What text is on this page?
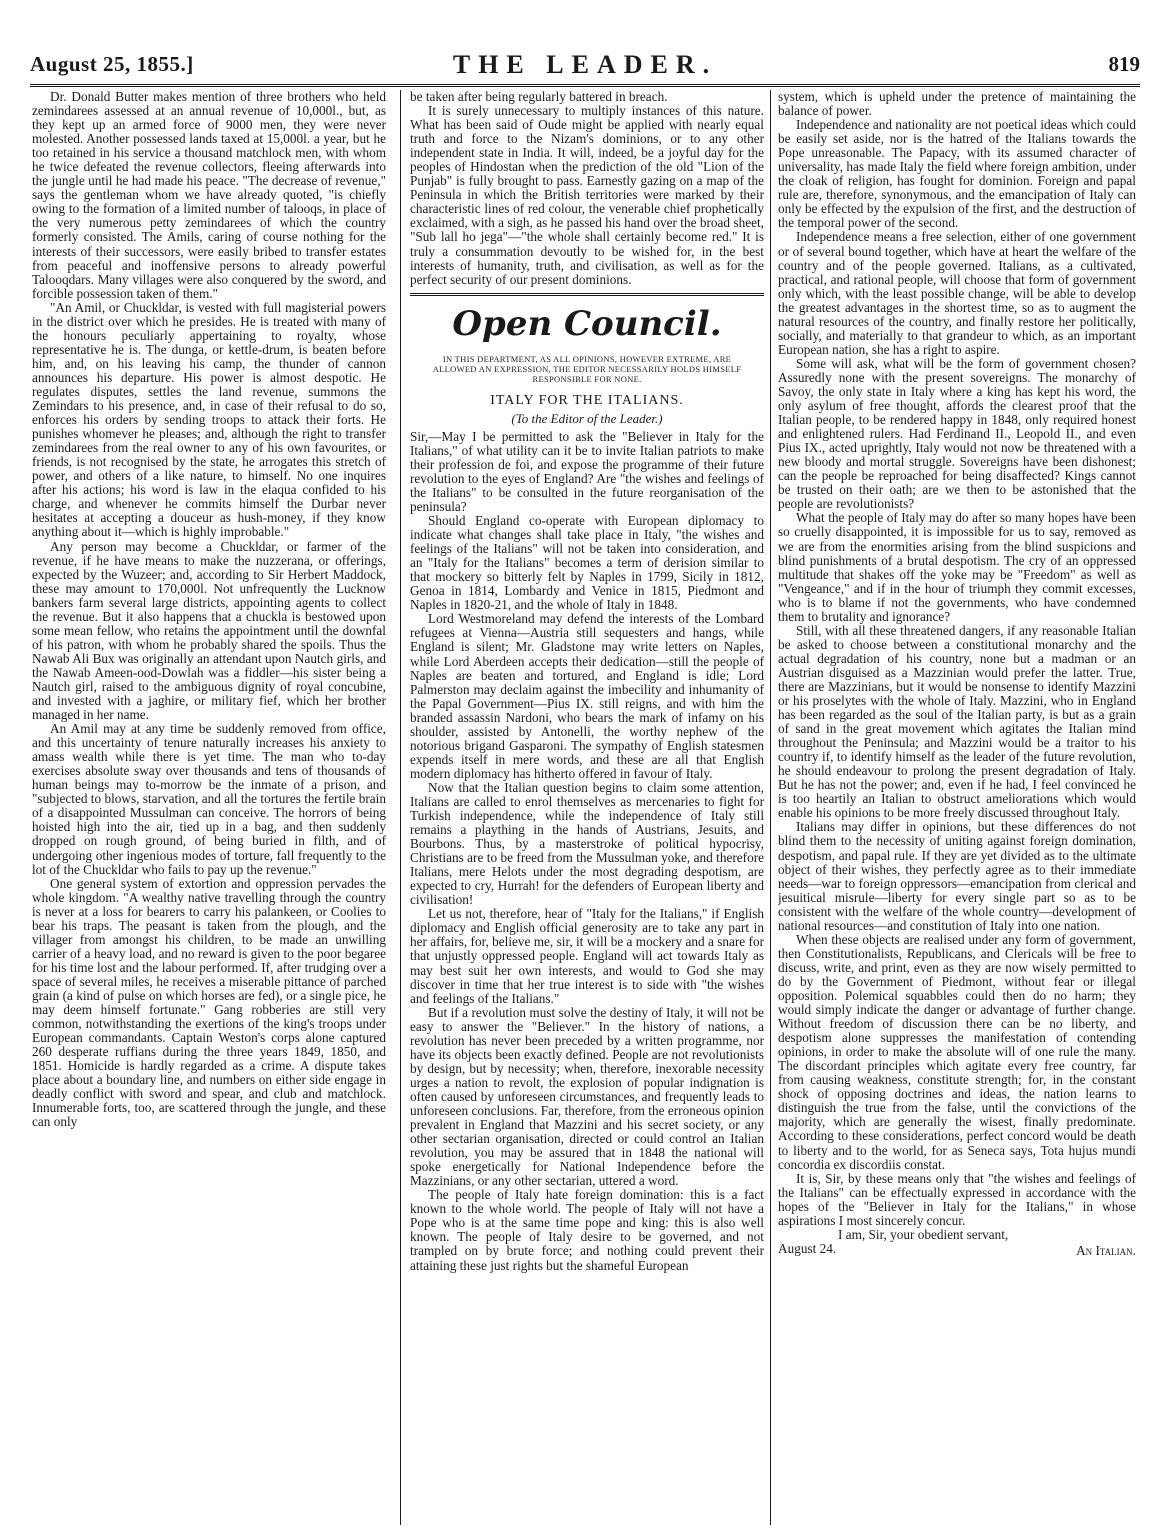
August 25, 1855.]	THE LEADER.	819

Dr. Donald Butter makes mention of three brothers who held zemindarees assessed at an annual revenue of 10,000l., but, as they kept up an armed force of 9000 men, they were never molested. Another possessed lands taxed at 15,000l. a year, but he too retained in his service a thousand matchlock men, with whom he twice defeated the revenue collectors, fleeing afterwards into the jungle until he had made his peace. "The decrease of revenue," says the gentleman whom we have already quoted, "is chiefly owing to the formation of a limited number of talooqs, in place of the very numerous petty zemindarees of which the country formerly consisted. The Amils, caring of course nothing for the interests of their successors, were easily bribed to transfer estates from peaceful and inoffensive persons to already powerful Talooqdars. Many villages were also conquered by the sword, and forcible possession taken of them."

"An Amil, or Chuckldar, is vested with full magisterial powers in the district over which he presides. He is treated with many of the honours peculiarly appertaining to royalty, whose representative he is. The dunga, or kettle-drum, is beaten before him, and, on his leaving his camp, the thunder of cannon announces his departure. His power is almost despotic. He regulates disputes, settles the land revenue, summons the Zemindars to his presence, and, in case of their refusal to do so, enforces his orders by sending troops to attack their forts. He punishes whomever he pleases; and, although the right to transfer zemindarees from the real owner to any of his own favourites, or friends, is not recognised by the state, he arrogates this stretch of power, and others of a like nature, to himself. No one inquires after his actions; his word is law in the elaqua confided to his charge, and whenever he commits himself the Durbar never hesitates at accepting a douceur as hush-money, if they know anything about it—which is highly improbable."

Any person may become a Chuckldar, or farmer of the revenue, if he have means to make the nuzzerana, or offerings, expected by the Wuzeer; and, according to Sir Herbert Maddock, these may amount to 170,000l. Not unfrequently the Lucknow bankers farm several large districts, appointing agents to collect the revenue. But it also happens that a chuckla is bestowed upon some mean fellow, who retains the appointment until the downfal of his patron, with whom he probably shared the spoils. Thus the Nawab Ali Bux was originally an attendant upon Nautch girls, and the Nawab Ameen-ood-Dowlah was a fiddler—his sister being a Nautch girl, raised to the ambiguous dignity of royal concubine, and invested with a jaghire, or military fief, which her brother managed in her name.

An Amil may at any time be suddenly removed from office, and this uncertainty of tenure naturally increases his anxiety to amass wealth while there is yet time. The man who to-day exercises absolute sway over thousands and tens of thousands of human beings may to-morrow be the inmate of a prison, and "subjected to blows, starvation, and all the tortures the fertile brain of a disappointed Mussulman can conceive. The horrors of being hoisted high into the air, tied up in a bag, and then suddenly dropped on rough ground, of being buried in filth, and of undergoing other ingenious modes of torture, fall frequently to the lot of the Chuckldar who fails to pay up the revenue."

One general system of extortion and oppression pervades the whole kingdom. "A wealthy native travelling through the country is never at a loss for bearers to carry his palankeen, or Coolies to bear his traps. The peasant is taken from the plough, and the villager from amongst his children, to be made an unwilling carrier of a heavy load, and no reward is given to the poor begaree for his time lost and the labour performed. If, after trudging over a space of several miles, he receives a miserable pittance of parched grain (a kind of pulse on which horses are fed), or a single pice, he may deem himself fortunate." Gang robberies are still very common, notwithstanding the exertions of the king's troops under European commandants. Captain Weston's corps alone captured 260 desperate ruffians during the three years 1849, 1850, and 1851. Homicide is hardly regarded as a crime. A dispute takes place about a boundary line, and numbers on either side engage in deadly conflict with sword and spear, and club and matchlock. Innumerable forts, too, are scattered through the jungle, and these can only

be taken after being regularly battered in breach.

It is surely unnecessary to multiply instances of this nature. What has been said of Oude might be applied with nearly equal truth and force to the Nizam's dominions, or to any other independent state in India. It will, indeed, be a joyful day for the peoples of Hindostan when the prediction of the old "Lion of the Punjab" is fully brought to pass. Earnestly gazing on a map of the Peninsula in which the British territories were marked by their characteristic lines of red colour, the venerable chief prophetically exclaimed, with a sigh, as he passed his hand over the broad sheet, "Sub lall ho jega"—"the whole shall certainly become red." It is truly a consummation devoutly to be wished for, in the best interests of humanity, truth, and civilisation, as well as for the perfect security of our present dominions.

Open Council.
IN THIS DEPARTMENT, AS ALL OPINIONS, HOWEVER EXTREME, ARE ALLOWED AN EXPRESSION, THE EDITOR NECESSARILY HOLDS HIMSELF RESPONSIBLE FOR NONE.
ITALY FOR THE ITALIANS.
(To the Editor of the Leader.)

Sir,—May I be permitted to ask the "Believer in Italy for the Italians," of what utility can it be to invite Italian patriots to make their profession de foi, and expose the programme of their future revolution to the eyes of England? Are "the wishes and feelings of the Italians" to be consulted in the future reorganisation of the peninsula?

Should England co-operate with European diplomacy to indicate what changes shall take place in Italy, "the wishes and feelings of the Italians" will not be taken into consideration, and an "Italy for the Italians" becomes a term of derision similar to that mockery so bitterly felt by Naples in 1799, Sicily in 1812, Genoa in 1814, Lombardy and Venice in 1815, Piedmont and Naples in 1820-21, and the whole of Italy in 1848.

Lord Westmoreland may defend the interests of the Lombard refugees at Vienna—Austria still sequesters and hangs, while England is silent; Mr. Gladstone may write letters on Naples, while Lord Aberdeen accepts their dedication—still the people of Naples are beaten and tortured, and England is idle; Lord Palmerston may declaim against the imbecility and inhumanity of the Papal Government—Pius IX. still reigns, and with him the branded assassin Nardoni, who bears the mark of infamy on his shoulder, assisted by Antonelli, the worthy nephew of the notorious brigand Gasparoni. The sympathy of English statesmen expends itself in mere words, and these are all that English modern diplomacy has hitherto offered in favour of Italy.

Now that the Italian question begins to claim some attention, Italians are called to enrol themselves as mercenaries to fight for Turkish independence, while the independence of Italy still remains a plaything in the hands of Austrians, Jesuits, and Bourbons. Thus, by a masterstroke of political hypocrisy, Christians are to be freed from the Mussulman yoke, and therefore Italians, mere Helots under the most degrading despotism, are expected to cry, Hurrah! for the defenders of European liberty and civilisation!

Let us not, therefore, hear of "Italy for the Italians," if English diplomacy and English official generosity are to take any part in her affairs, for, believe me, sir, it will be a mockery and a snare for that unjustly oppressed people. England will act towards Italy as may best suit her own interests, and would to God she may discover in time that her true interest is to side with "the wishes and feelings of the Italians."

But if a revolution must solve the destiny of Italy, it will not be easy to answer the "Believer." In the history of nations, a revolution has never been preceded by a written programme, nor have its objects been exactly defined. People are not revolutionists by design, but by necessity; when, therefore, inexorable necessity urges a nation to revolt, the explosion of popular indignation is often caused by unforeseen circumstances, and frequently leads to unforeseen conclusions. Far, therefore, from the erroneous opinion prevalent in England that Mazzini and his secret society, or any other sectarian organisation, directed or could control an Italian revolution, you may be assured that in 1848 the national will spoke energetically for National Independence before the Mazzinians, or any other sectarian, uttered a word.

The people of Italy hate foreign domination: this is a fact known to the whole world. The people of Italy will not have a Pope who is at the same time pope and king: this is also well known. The people of Italy desire to be governed, and not trampled on by brute force; and nothing could prevent their attaining these just rights but the shameful European

system, which is upheld under the pretence of maintaining the balance of power.

Independence and nationality are not poetical ideas which could be easily set aside, nor is the hatred of the Italians towards the Pope unreasonable. The Papacy, with its assumed character of universality, has made Italy the field where foreign ambition, under the cloak of religion, has fought for dominion. Foreign and papal rule are, therefore, synonymous, and the emancipation of Italy can only be effected by the expulsion of the first, and the destruction of the temporal power of the second.

Independence means a free selection, either of one government or of several bound together, which have at heart the welfare of the country and of the people governed. Italians, as a cultivated, practical, and rational people, will choose that form of government only which, with the least possible change, will be able to develop the greatest advantages in the shortest time, so as to augment the natural resources of the country, and finally restore her politically, socially, and materially to that grandeur to which, as an important European nation, she has a right to aspire.

Some will ask, what will be the form of government chosen? Assuredly none with the present sovereigns. The monarchy of Savoy, the only state in Italy where a king has kept his word, the only asylum of free thought, affords the clearest proof that the Italian people, to be rendered happy in 1848, only required honest and enlightened rulers. Had Ferdinand II., Leopold II., and even Pius IX., acted uprightly, Italy would not now be threatened with a new bloody and mortal struggle. Sovereigns have been dishonest; can the people be reproached for being disaffected? Kings cannot be trusted on their oath; are we then to be astonished that the people are revolutionists?

What the people of Italy may do after so many hopes have been so cruelly disappointed, it is impossible for us to say, removed as we are from the enormities arising from the blind suspicions and blind punishments of a brutal despotism. The cry of an oppressed multitude that shakes off the yoke may be "Freedom" as well as "Vengeance," and if in the hour of triumph they commit excesses, who is to blame if not the governments, who have condemned them to brutality and ignorance?

Still, with all these threatened dangers, if any reasonable Italian be asked to choose between a constitutional monarchy and the actual degradation of his country, none but a madman or an Austrian disguised as a Mazzinian would prefer the latter. True, there are Mazzinians, but it would be nonsense to identify Mazzini or his proselytes with the whole of Italy. Mazzini, who in England has been regarded as the soul of the Italian party, is but as a grain of sand in the great movement which agitates the Italian mind throughout the Peninsula; and Mazzini would be a traitor to his country if, to identify himself as the leader of the future revolution, he should endeavour to prolong the present degradation of Italy. But he has not the power; and, even if he had, I feel convinced he is too heartily an Italian to obstruct ameliorations which would enable his opinions to be more freely discussed throughout Italy.

Italians may differ in opinions, but these differences do not blind them to the necessity of uniting against foreign domination, despotism, and papal rule. If they are yet divided as to the ultimate object of their wishes, they perfectly agree as to their immediate needs—war to foreign oppressors—emancipation from clerical and jesuitical misrule—liberty for every single part so as to be consistent with the welfare of the whole country—development of national resources—and constitution of Italy into one nation.

When these objects are realised under any form of government, then Constitutionalists, Republicans, and Clericals will be free to discuss, write, and print, even as they are now wisely permitted to do by the Government of Piedmont, without fear or illegal opposition. Polemical squabbles could then do no harm; they would simply indicate the danger or advantage of further change. Without freedom of discussion there can be no liberty, and despotism alone suppresses the manifestation of contending opinions, in order to make the absolute will of one rule the many. The discordant principles which agitate every free country, far from causing weakness, constitute strength; for, in the constant shock of opposing doctrines and ideas, the nation learns to distinguish the true from the false, until the convictions of the majority, which are generally the wisest, finally predominate. According to these considerations, perfect concord would be death to liberty and to the world, for as Seneca says, Tota hujus mundi concordia ex discordiis constat.

It is, Sir, by these means only that "the wishes and feelings of the Italians" can be effectually expressed in accordance with the hopes of the "Believer in Italy for the Italians," in whose aspirations I most sincerely concur.

I am, Sir, your obedient servant,

August 24.	An Italian.
